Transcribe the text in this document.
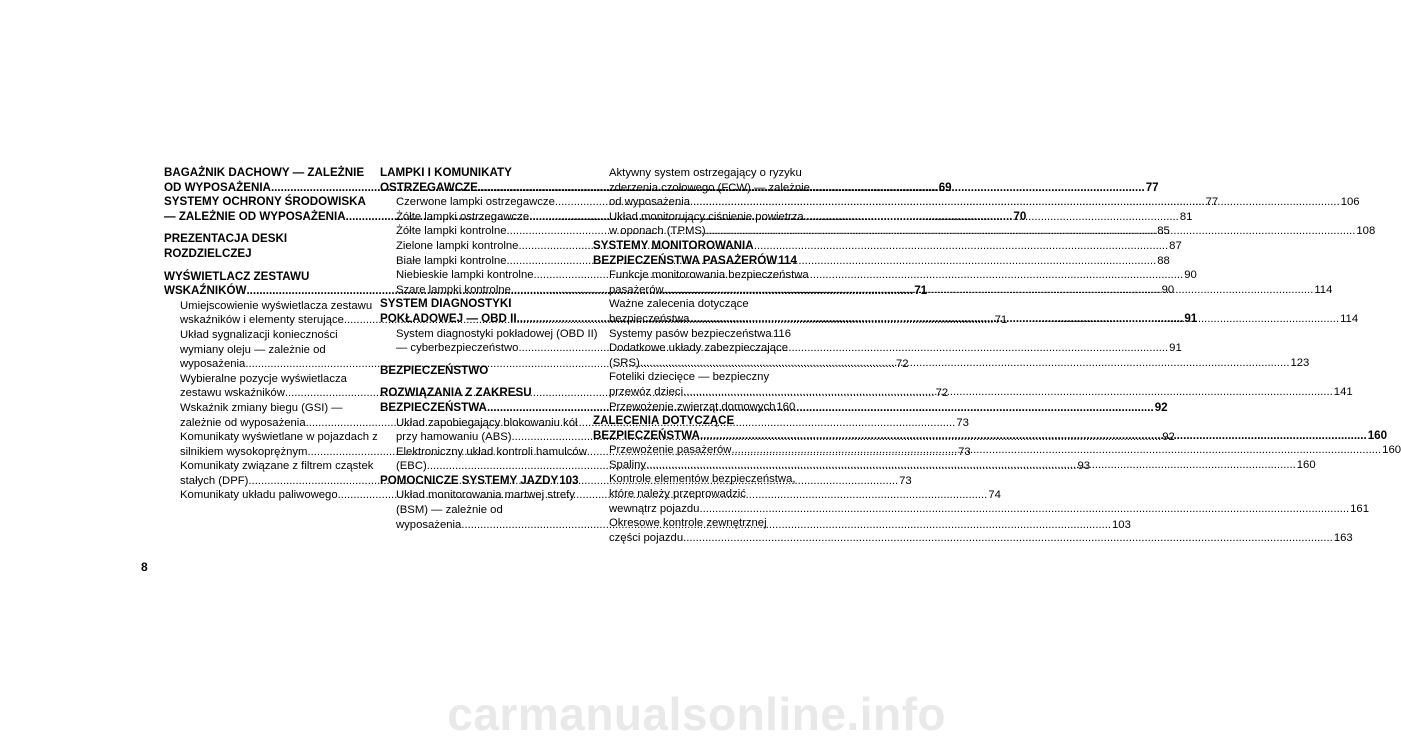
BAGAŻNIK DACHOWY — ZALEŻNIE
OD WYPOSAŻENIA .....	69
SYSTEMY OCHRONY ŚRODOWISKA
— ZALEŻNIE OD WYPOSAŻENIA .....	70
PREZENTACJA DESKI
ROZDZIELCZEJ
WYŚWIETLACZ ZESTAWU
WSKAŹNIKÓW .....	71
Umiejscowienie wyświetlacza zestawu
wskaźników i elementy sterujące .....	71
Układ sygnalizacji konieczności
wymiany oleju — zależnie od
wyposażenia .....	72
Wybieralne pozycje wyświetlacza
zestawu wskaźników .....	72
Wskaźnik zmiany biegu (GSI) —
zależnie od wyposażenia .....	73
Komunikaty wyświetlane w pojazdach z
silnikiem wysokoprężnym .....	73
Komunikaty związane z filtrem cząstek
stałych (DPF) .....	73
Komunikaty układu paliwowego .....	74
LAMPKI I KOMUNIKATY
OSTRZEGAWCZE .....	77
Czerwone lampki ostrzegawcze .....	77
Żółte lampki ostrzegawcze .....	81
Żółte lampki kontrolne .....	85
Zielone lampki kontrolne .....	87
Białe lampki kontrolne .....	88
Niebieskie lampki kontrolne .....	90
Szare lampki kontrolne .....	90
SYSTEM DIAGNOSTYKI
POKŁADOWEJ — OBD II .....	91
System diagnostyki pokładowej (OBD II)
— cyberbezpieczeństwo .....	91
BEZPIECZEŃSTWO
ROZWIĄZANIA Z ZAKRESU
BEZPIECZEŃSTWA .....	92
Układ zapobiegający blokowaniu kół
przy hamowaniu (ABS) .....	92
Elektroniczny układ kontroli hamulców
(EBC) .....	93
POMOCNICZE SYSTEMY JAZDY 103
Układ monitorowania martwej strefy
(BSM) — zależnie od
wyposażenia .....	103
Aktywny system ostrzegający o ryzyku
zderzenia czołowego (FCW) — zależnie
od wyposażenia .....	106
Układ monitorujący ciśnienie powietrza
w oponach (TPMS) .....	108
SYSTEMY MONITOROWANIA
BEZPIECZEŃSTWA PASAŻERÓW 114
Funkcje monitorowania bezpieczeństwa
pasażerów .....	114
Ważne zalecenia dotyczące
bezpieczeństwa .....	114
Systemy pasów bezpieczeństwa ..... 116
Dodatkowe układy zabezpieczające
(SRS) .....	123
Foteliki dziecięce — bezpieczny
przewóz dzieci .....	141
Przewożenie zwierząt domowych 160
ZALECENIA DOTYCZĄCE
BEZPIECZEŃSTWA .....	160
Przewożenie pasażerów .....	160
Spaliny .....	160
Kontrole elementów bezpieczeństwa,
które należy przeprowadzić
wewnątrz pojazdu .....	161
Okresowe kontrole zewnętrznej
części pojazdu .....	163
8
carmanualsonline.info
